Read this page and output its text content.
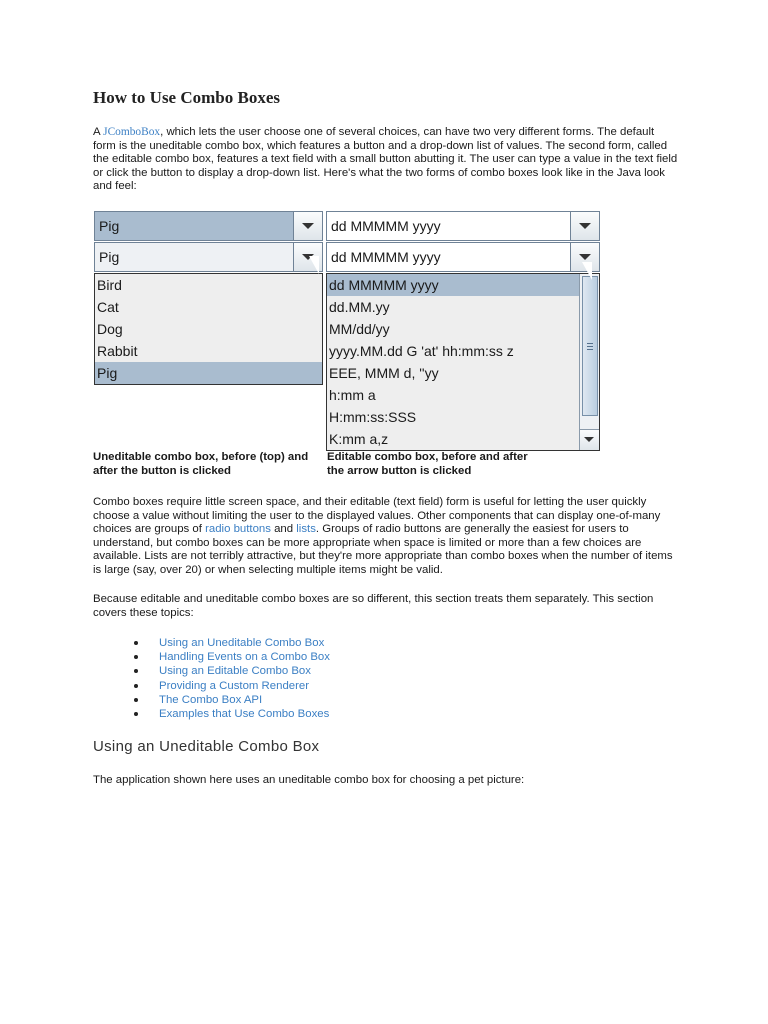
How to Use Combo Boxes

A JComboBox, which lets the user choose one of several choices, can have two very different forms. The default form is the uneditable combo box, which features a button and a drop-down list of values. The second form, called the editable combo box, features a text field with a small button abutting it. The user can type a value in the text field or click the button to display a drop-down list. Here's what the two forms of combo boxes look like in the Java look and feel:

Pig
Pig
Bird
Cat
Dog
Rabbit
Pig
dd MMMMM yyyy
dd MMMMM yyyy
dd MMMMM yyyy
dd.MM.yy
MM/dd/yy
yyyy.MM.dd G 'at' hh:mm:ss z
EEE, MMM d, ''yy
h:mm a
H:mm:ss:SSS
K:mm a,z
Uneditable combo box, before (top) and after the button is clicked
Editable combo box, before and after the arrow button is clicked

Combo boxes require little screen space, and their editable (text field) form is useful for letting the user quickly choose a value without limiting the user to the displayed values. Other components that can display one-of-many choices are groups of radio buttons and lists. Groups of radio buttons are generally the easiest for users to understand, but combo boxes can be more appropriate when space is limited or more than a few choices are available. Lists are not terribly attractive, but they're more appropriate than combo boxes when the number of items is large (say, over 20) or when selecting multiple items might be valid.

Because editable and uneditable combo boxes are so different, this section treats them separately. This section covers these topics:

Using an Uneditable Combo Box
Handling Events on a Combo Box
Using an Editable Combo Box
Providing a Custom Renderer
The Combo Box API
Examples that Use Combo Boxes
Using an Uneditable Combo Box

The application shown here uses an uneditable combo box for choosing a pet picture:
